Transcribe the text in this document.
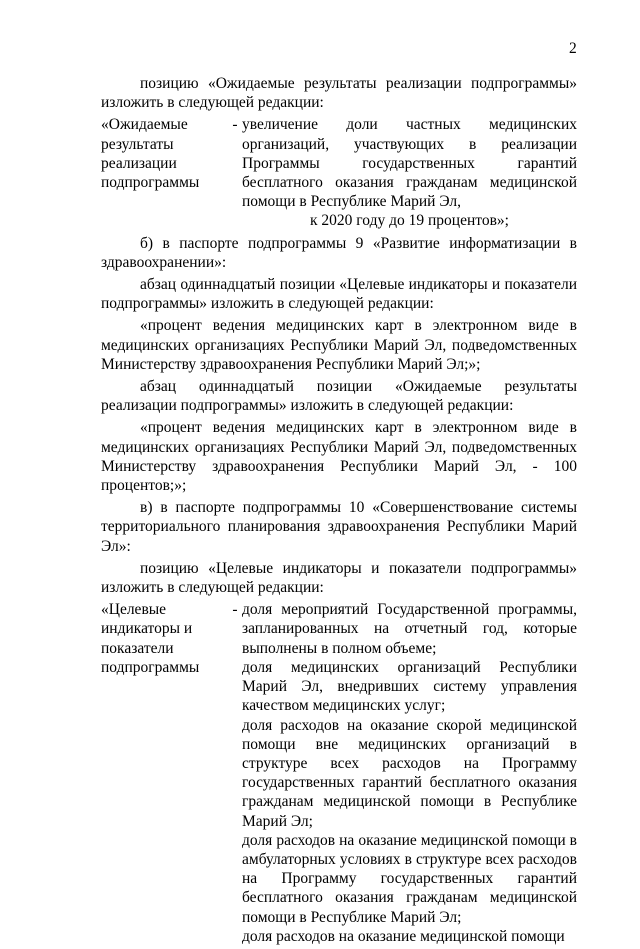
2

позицию «Ожидаемые результаты реализации подпрограммы» изложить в следующей редакции:

«Ожидаемые результаты реализации подпрограммы
- увеличение доли частных медицинских организаций, участвующих в реализации Программы государственных гарантий бесплатного оказания гражданам медицинской помощи в Республике Марий Эл,

к 2020 году до 19 процентов»;

б) в паспорте подпрограммы 9 «Развитие информатизации в здравоохранении»:

абзац одиннадцатый позиции «Целевые индикаторы и показатели подпрограммы» изложить в следующей редакции:

«процент ведения медицинских карт в электронном виде в медицинских организациях Республики Марий Эл, подведомственных Министерству здравоохранения Республики Марий Эл;»;

абзац одиннадцатый позиции «Ожидаемые результаты реализации подпрограммы» изложить в следующей редакции:

«процент ведения медицинских карт в электронном виде в медицинских организациях Республики Марий Эл, подведомственных Министерству здравоохранения Республики Марий Эл, - 100 процентов;»;

в) в паспорте подпрограммы 10 «Совершенствование системы территориального планирования здравоохранения Республики Марий Эл»:

позицию «Целевые индикаторы и показатели подпрограммы» изложить в следующей редакции:

«Целевые индикаторы и показатели подпрограммы
- доля мероприятий Государственной программы, запланированных на отчетный год, которые выполнены в полном объеме;

доля медицинских организаций Республики Марий Эл, внедривших систему управления качеством медицинских услуг;

доля расходов на оказание скорой медицинской помощи вне медицинских организаций в структуре всех расходов на Программу государственных гарантий бесплатного оказания гражданам медицинской помощи в Республике Марий Эл;

доля расходов на оказание медицинской помощи в амбулаторных условиях в структуре всех расходов на Программу государственных гарантий бесплатного оказания гражданам медицинской помощи в Республике Марий Эл;

доля расходов на оказание медицинской помощи
